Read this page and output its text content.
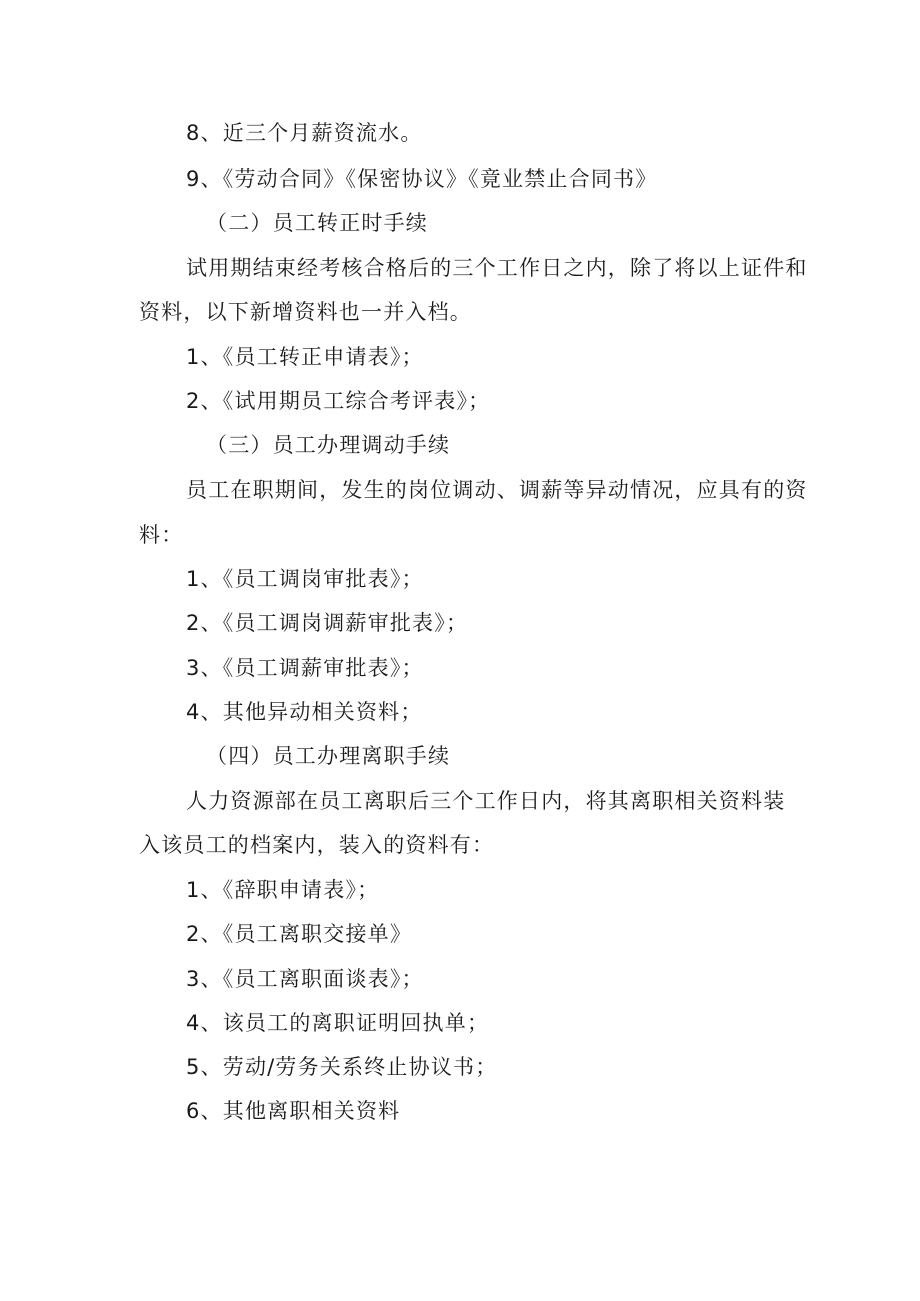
8、近三个月薪资流水。
9、《劳动合同》《保密协议》《竟业禁止合同书》
（二）员工转正时手续
试用期结束经考核合格后的三个工作日之内，除了将以上证件和
资料，以下新增资料也一并入档。
1、《员工转正申请表》；
2、《试用期员工综合考评表》；
（三）员工办理调动手续
员工在职期间，发生的岗位调动、调薪等异动情况，应具有的资
料：
1、《员工调岗审批表》；
2、《员工调岗调薪审批表》；
3、《员工调薪审批表》；
4、其他异动相关资料；
（四）员工办理离职手续
人力资源部在员工离职后三个工作日内，将其离职相关资料装
入该员工的档案内，装入的资料有：
1、《辞职申请表》；
2、《员工离职交接单》
3、《员工离职面谈表》；
4、该员工的离职证明回执单；
5、劳动/劳务关系终止协议书；
6、其他离职相关资料
